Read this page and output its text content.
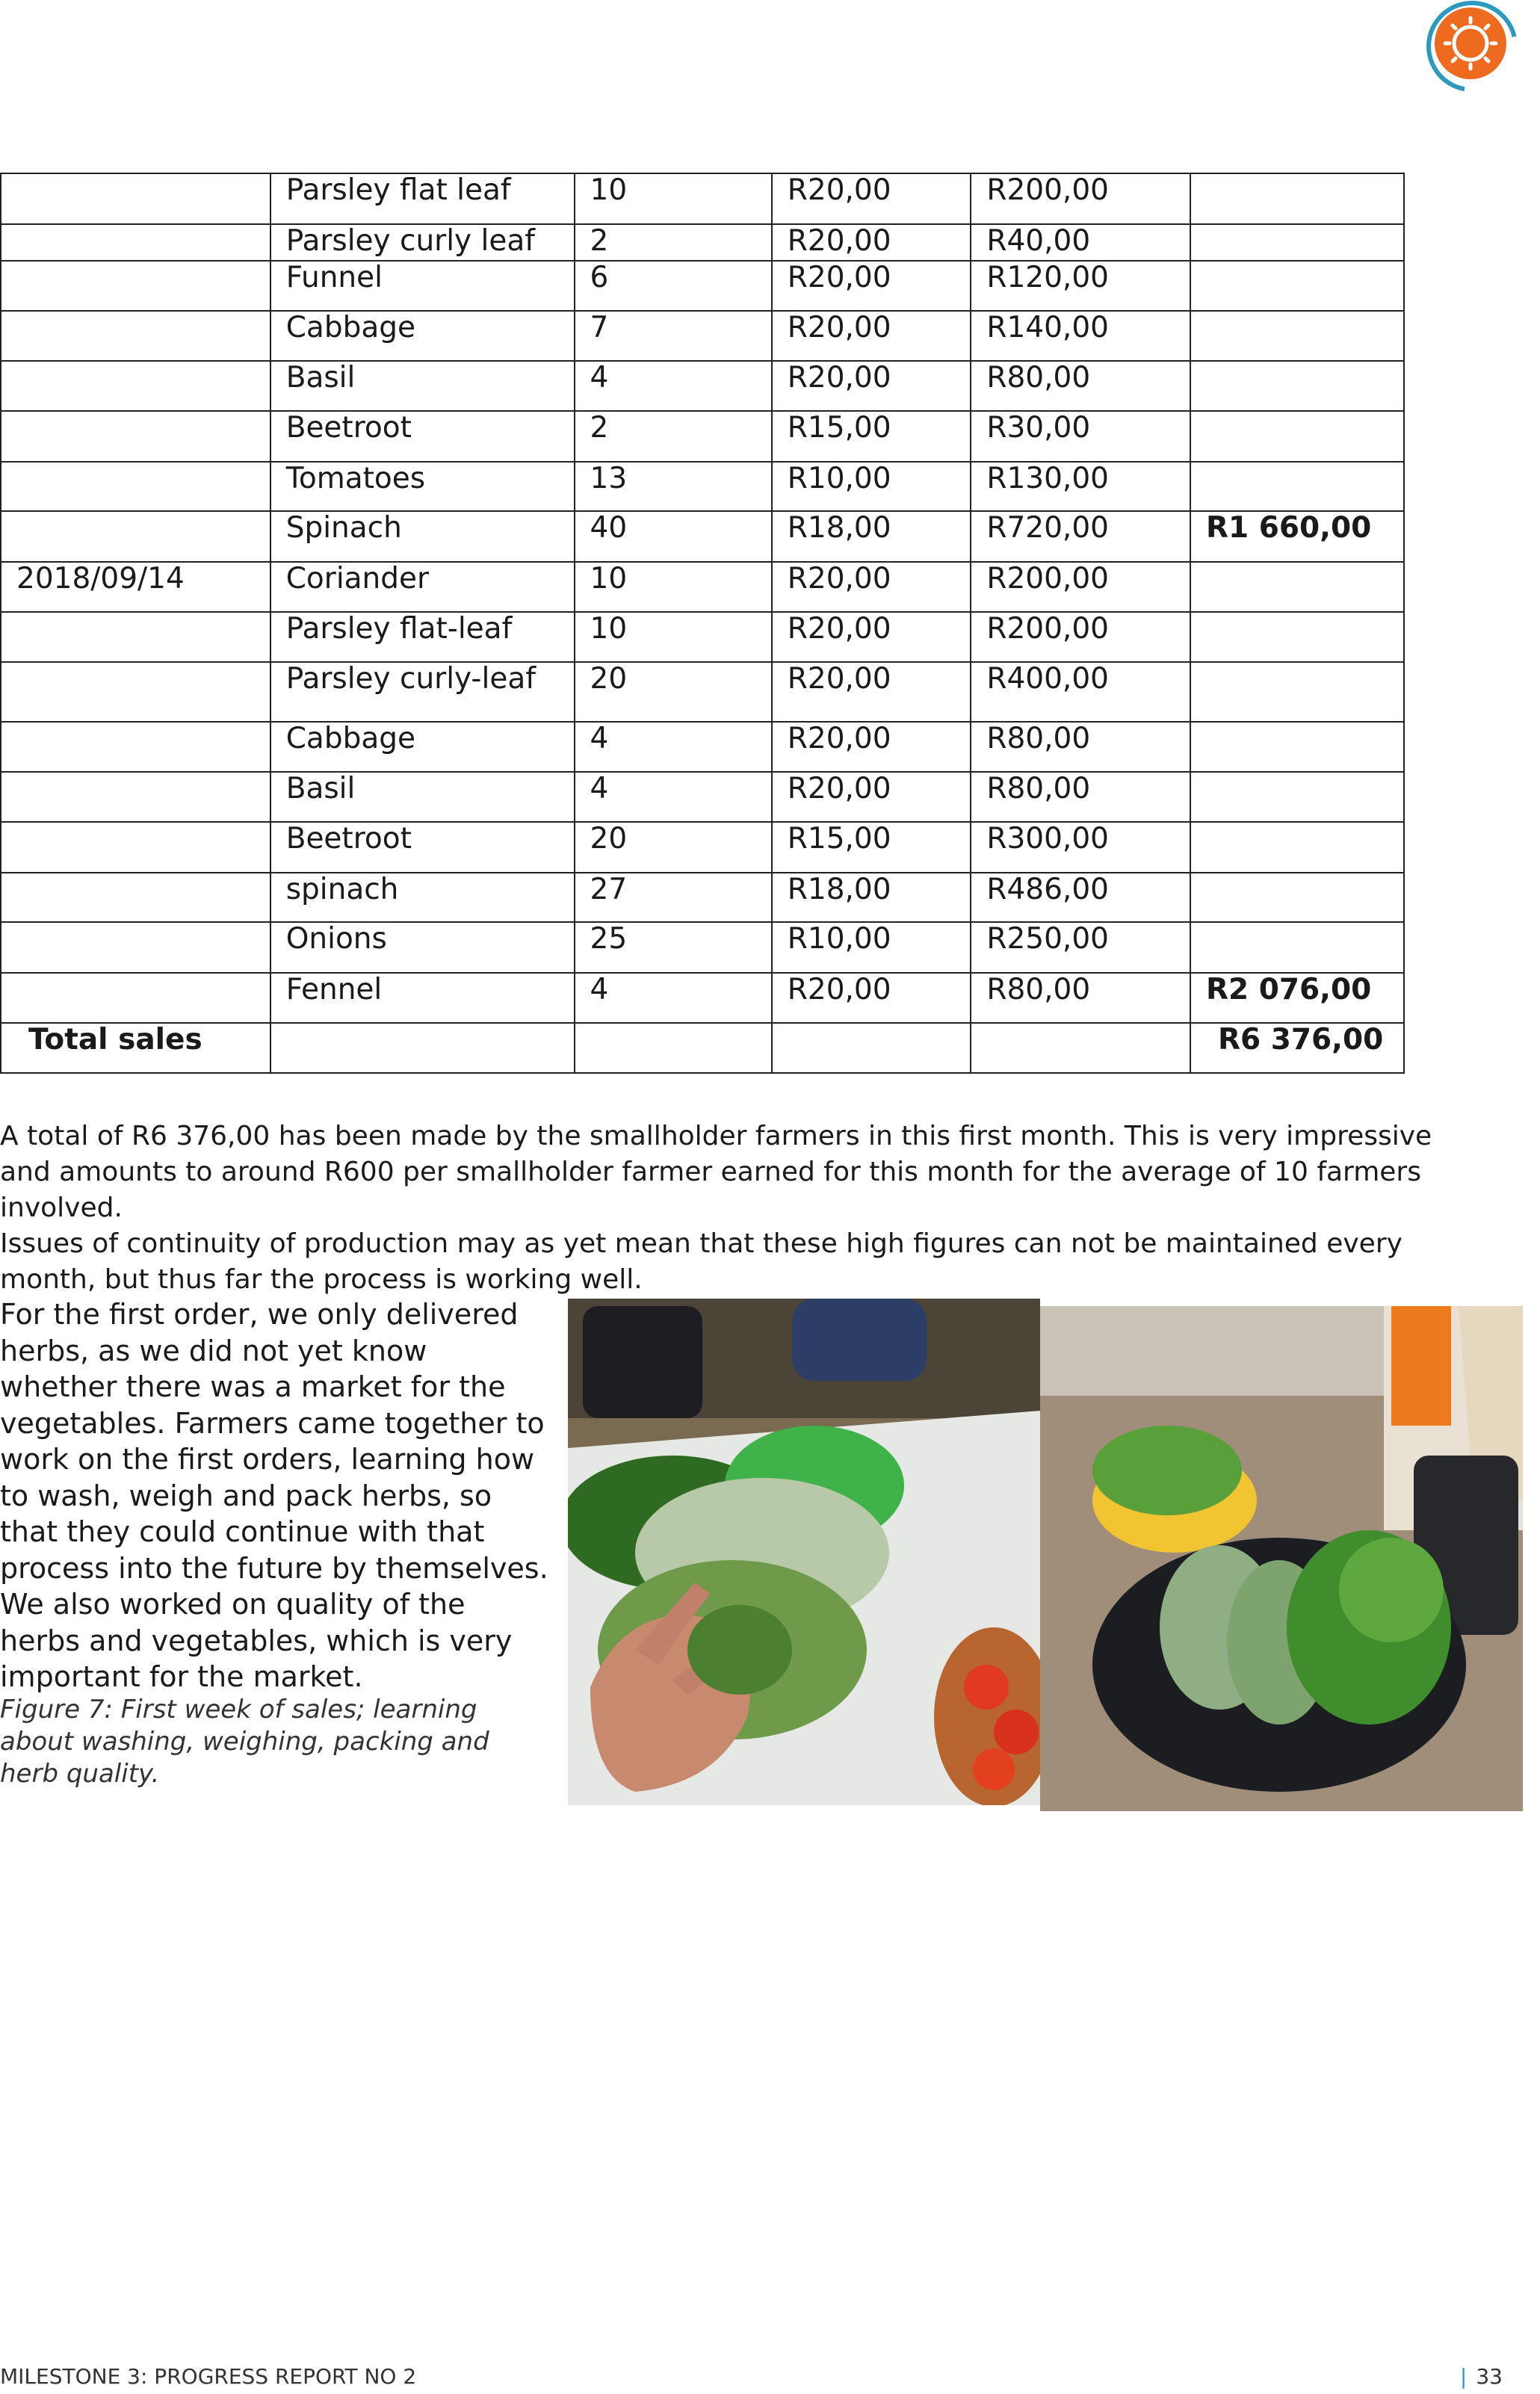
	Parsley flat leaf	10	R20,00	R200,00	
	Parsley curly leaf	2	R20,00	R40,00	
	Funnel	6	R20,00	R120,00	
	Cabbage	7	R20,00	R140,00	
	Basil	4	R20,00	R80,00	
	Beetroot	2	R15,00	R30,00	
	Tomatoes	13	R10,00	R130,00	
	Spinach	40	R18,00	R720,00	R1 660,00
2018/09/14	Coriander	10	R20,00	R200,00	
	Parsley flat-leaf	10	R20,00	R200,00	
	Parsley curly-leaf	20	R20,00	R400,00	
	Cabbage	4	R20,00	R80,00	
	Basil	4	R20,00	R80,00	
	Beetroot	20	R15,00	R300,00	
	spinach	27	R18,00	R486,00	
	Onions	25	R10,00	R250,00	
	Fennel	4	R20,00	R80,00	R2 076,00
Total sales					R6 376,00

A total of R6 376,00 has been made by the smallholder farmers in this first month. This is very impressive and amounts to around R600 per smallholder farmer earned for this month for the average of 10 farmers involved.

Issues of continuity of production may as yet mean that these high figures can not be maintained every month, but thus far the process is working well.

For the first order, we only delivered herbs, as we did not yet know whether there was a market for the vegetables. Farmers came together to work on the first orders, learning how to wash, weigh and pack herbs, so that they could continue with that process into the future by themselves. We also worked on quality of the herbs and vegetables, which is very important for the market.

Figure 7: First week of sales; learning about washing, weighing, packing and herb quality.

MILESTONE 3: PROGRESS REPORT NO 2	| 33
